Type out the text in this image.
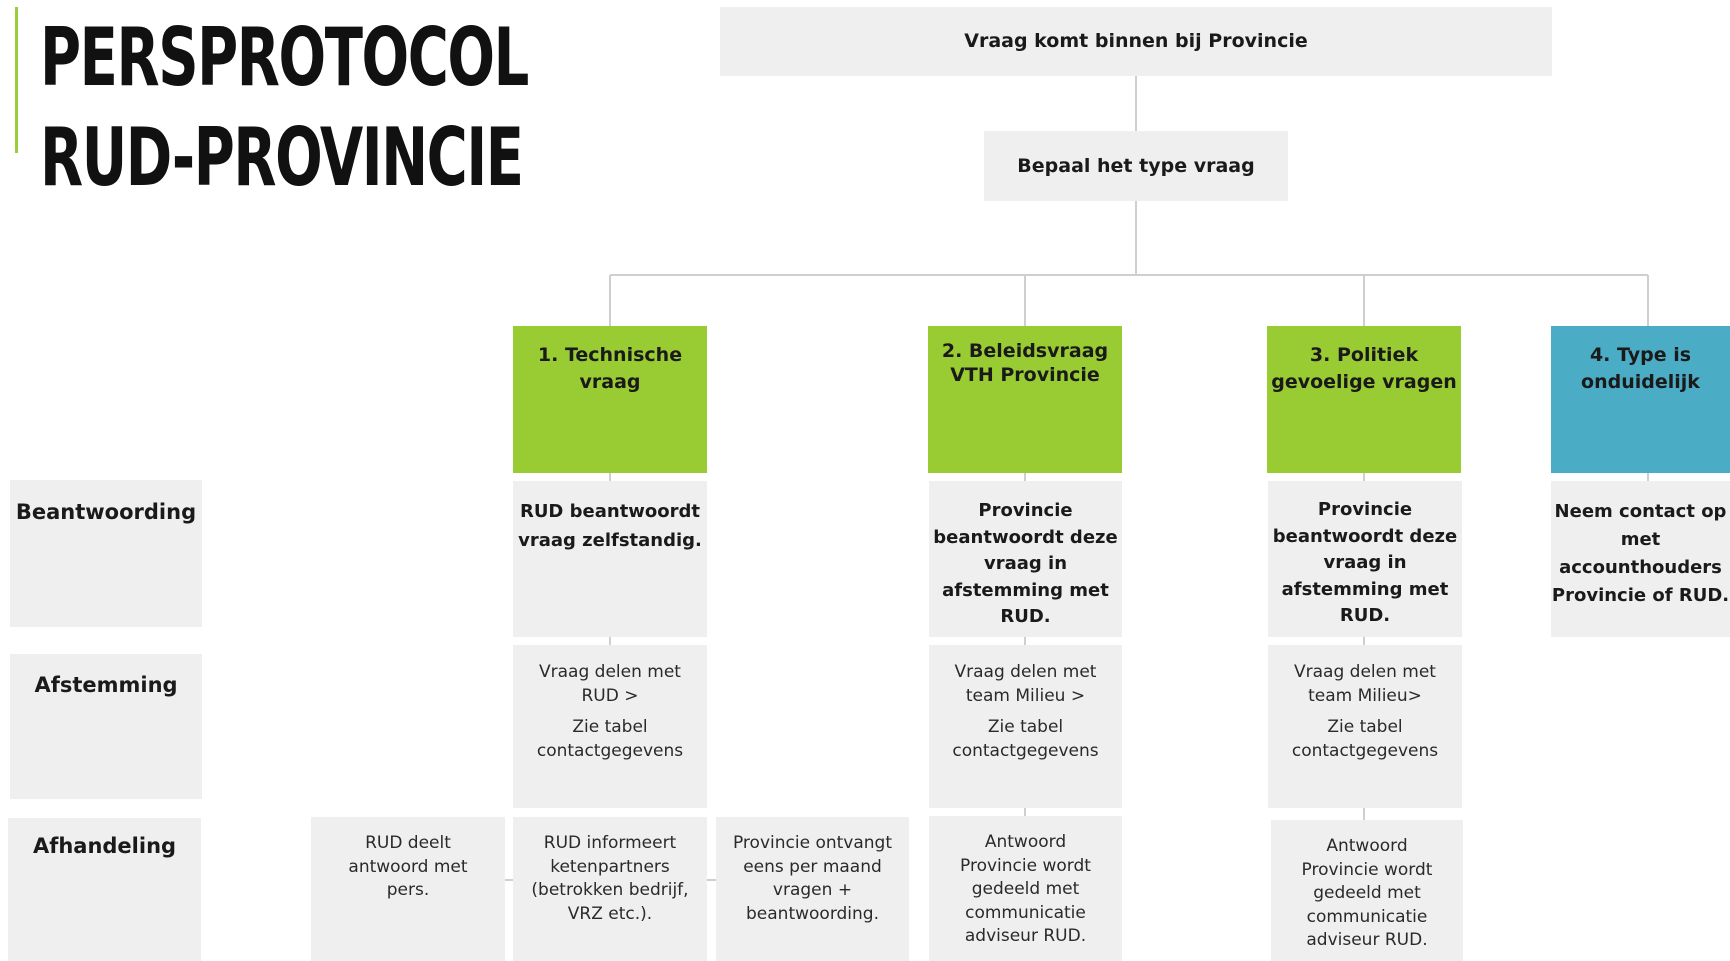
PERSPROTOCOL
RUD-PROVINCIE
Vraag komt binnen bij Provincie
Bepaal het type vraag
1. Technische
vraag
2. Beleidsvraag
VTH Provincie
3. Politiek
gevoelige vragen
4. Type is
onduidelijk
Beantwoording
Afstemming
Afhandeling
RUD beantwoordt
vraag zelfstandig.
Provincie
beantwoordt deze
vraag in
afstemming met
RUD.
Provincie
beantwoordt deze
vraag in
afstemming met
RUD.
Neem contact op
met
accounthouders
Provincie of RUD.
Vraag delen met
RUD >
Zie tabel
contactgegevens
Vraag delen met
team Milieu >
Zie tabel
contactgegevens
Vraag delen met
team Milieu>
Zie tabel
contactgegevens
RUD deelt
antwoord met
pers.
RUD informeert
ketenpartners
(betrokken bedrijf,
VRZ etc.).
Provincie ontvangt
eens per maand
vragen +
beantwoording.
Antwoord
Provincie wordt
gedeeld met
communicatie
adviseur RUD.
Antwoord
Provincie wordt
gedeeld met
communicatie
adviseur RUD.
